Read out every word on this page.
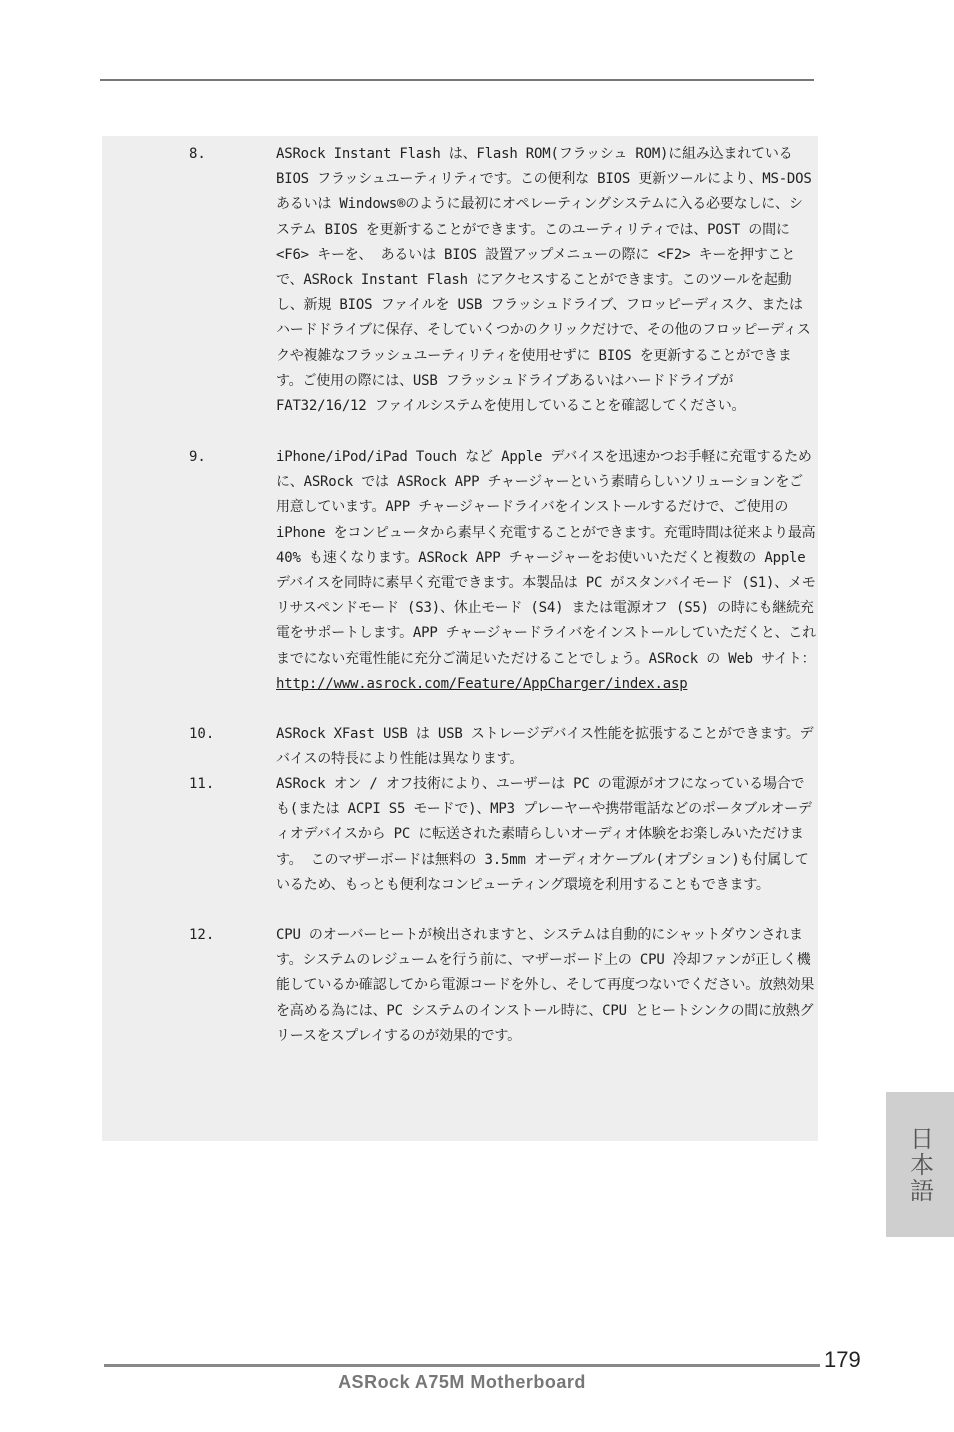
8.	ASRock Instant Flash は、Flash ROM(フラッシュ ROM)に組み込まれている BIOS フラッシュユーティリティです。この便利な BIOS 更新ツールにより、MS-DOS あるいは Windows®のように最初にオペレーティングシステムに入る必要なしに、システム BIOS を更新することができます。このユーティリティでは、POST の間に <F6> キーを、 あるいは BIOS 設置アップメニューの際に <F2> キーを押すことで、ASRock Instant Flash にアクセスすることができます。このツールを起動し、新規 BIOS ファイルを USB フラッシュドライブ、フロッピーディスク、またはハードドライブに保存、そしていくつかのクリックだけで、その他のフロッピーディスクや複雑なフラッシュユーティリティを使用せずに BIOS を更新することができます。ご使用の際には、USB フラッシュドライブあるいはハードドライブが FAT32/16/12 ファイルシステムを使用していることを確認してください。
9.	iPhone/iPod/iPad Touch など Apple デバイスを迅速かつお手軽に充電するために、ASRock では ASRock APP チャージャーという素晴らしいソリューションをご用意しています。APP チャージャードライバをインストールするだけで、ご使用の iPhone をコンピュータから素早く充電することができます。充電時間は従来より最高 40% も速くなります。ASRock APP チャージャーをお使いいただくと複数の Apple デバイスを同時に素早く充電できます。本製品は PC がスタンバイモード (S1)、メモリサスペンドモード (S3)、休止モード (S4) または電源オフ (S5) の時にも継続充電をサポートします。APP チャージャードライバをインストールしていただくと、これまでにない充電性能に充分ご満足いただけることでしょう。ASRock の Web サイト： http://www.asrock.com/Feature/AppCharger/index.asp
10.	ASRock XFast USB は USB ストレージデバイス性能を拡張することができます。デバイスの特長により性能は異なります。
11.	ASRock オン / オフ技術により、ユーザーは PC の電源がオフになっている場合でも(または ACPI S5 モードで)、MP3 プレーヤーや携帯電話などのポータブルオーディオデバイスから PC に転送された素晴らしいオーディオ体験をお楽しみいただけます。 このマザーボードは無料の 3.5mm オーディオケーブル(オプション)も付属しているため、もっとも便利なコンピューティング環境を利用することもできます。
12.	CPU のオーバーヒートが検出されますと、システムは自動的にシャットダウンされます。システムのレジュームを行う前に、マザーボード上の CPU 冷却ファンが正しく機能しているか確認してから電源コードを外し、そして再度つないでください。放熱効果を高める為には、PC システムのインストール時に、CPU とヒートシンクの間に放熱グリースをスプレイするのが効果的です。
日本語
179
ASRock A75M Motherboard
